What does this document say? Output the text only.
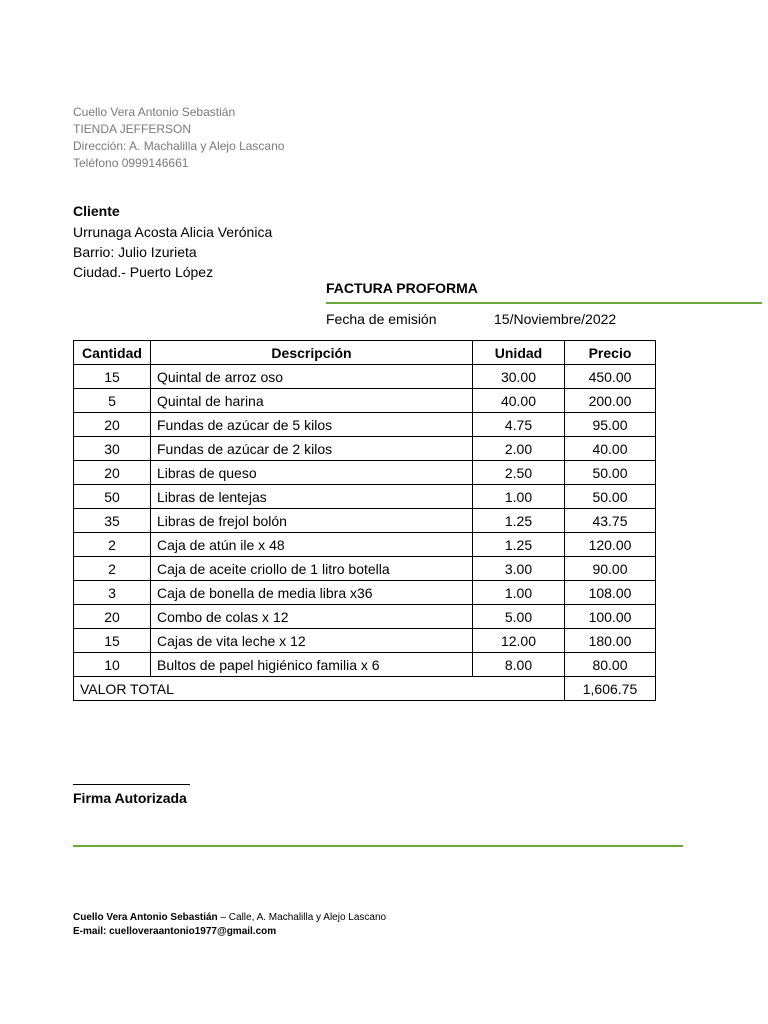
Cuello Vera Antonio Sebastián
TIENDA JEFFERSON
Dirección: A. Machalilla y Alejo Lascano
Teléfono 0999146661
Cliente
Urrunaga Acosta Alicia Verónica
Barrio: Julio Izurieta
Ciudad.- Puerto López
FACTURA PROFORMA
Fecha de emisión	15/Noviembre/2022
Cantidad	Descripción	Unidad	Precio
15	Quintal de arroz oso	30.00	450.00
5	Quintal de harina	40.00	200.00
20	Fundas de azúcar de 5 kilos	4.75	95.00
30	Fundas de azúcar de 2 kilos	2.00	40.00
20	Libras de queso	2.50	50.00
50	Libras de lentejas	1.00	50.00
35	Libras de frejol bolón	1.25	43.75
2	Caja de atún ile x 48	1.25	120.00
2	Caja de aceite criollo de 1 litro botella	3.00	90.00
3	Caja de bonella de media libra x36	1.00	108.00
20	Combo de colas x 12	5.00	100.00
15	Cajas de vita leche x 12	12.00	180.00
10	Bultos de papel higiénico familia x 6	8.00	80.00
VALOR TOTAL			1,606.75
Firma Autorizada
Cuello Vera Antonio Sebastián – Calle, A. Machalilla y Alejo Lascano
E-mail: cuelloveraantonio1977@gmail.com
